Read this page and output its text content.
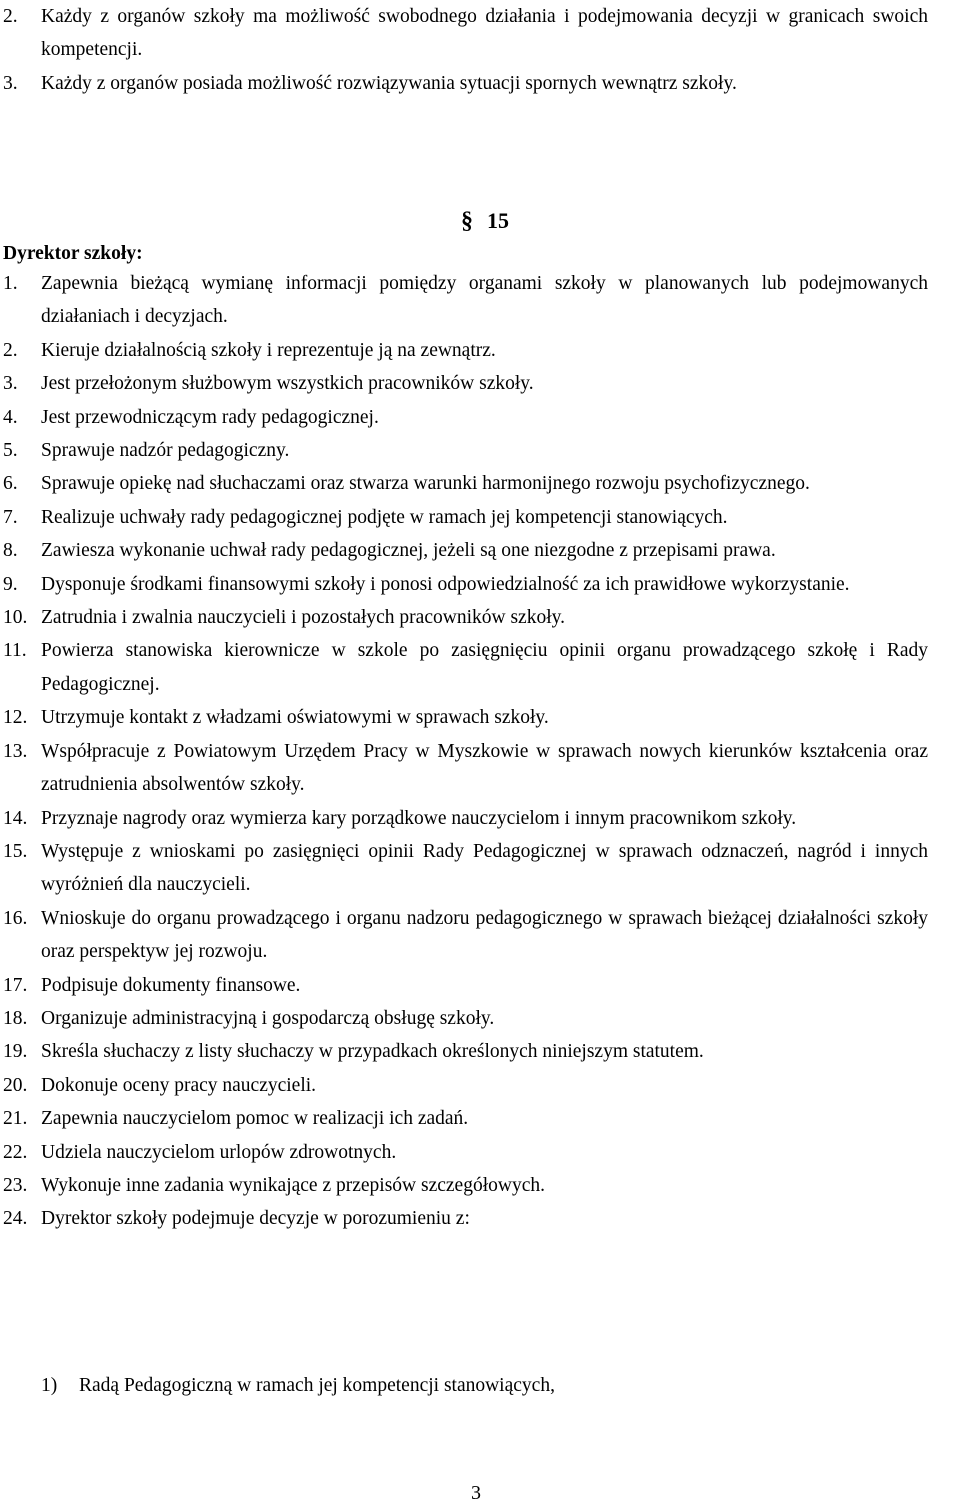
2.	Każdy z organów szkoły ma możliwość swobodnego działania i podejmowania decyzji w granicach swoich kompetencji.
3.	Każdy z organów posiada możliwość rozwiązywania sytuacji spornych wewnątrz szkoły.
§ 15
Dyrektor szkoły:
1.	Zapewnia bieżącą wymianę informacji pomiędzy organami szkoły w planowanych lub podejmowanych działaniach i decyzjach.
2.	Kieruje działalnością szkoły i reprezentuje ją na zewnątrz.
3.	Jest przełożonym służbowym wszystkich pracowników szkoły.
4.	Jest przewodniczącym rady pedagogicznej.
5.	Sprawuje nadzór pedagogiczny.
6.	Sprawuje opiekę nad słuchaczami oraz stwarza warunki harmonijnego rozwoju psychofizycznego.
7.	Realizuje uchwały rady pedagogicznej podjęte w ramach jej kompetencji stanowiących.
8.	Zawiesza wykonanie uchwał rady pedagogicznej, jeżeli są one niezgodne z przepisami prawa.
9.	Dysponuje środkami finansowymi szkoły i ponosi odpowiedzialność za ich prawidłowe wykorzystanie.
10. Zatrudnia i zwalnia nauczycieli i pozostałych pracowników szkoły.
11. Powierza stanowiska kierownicze w szkole po zasięgnięciu opinii organu prowadzącego szkołę i Rady Pedagogicznej.
12. Utrzymuje kontakt z władzami oświatowymi w sprawach szkoły.
13. Współpracuje z Powiatowym Urzędem Pracy w Myszkowie w sprawach nowych kierunków kształcenia oraz zatrudnienia absolwentów szkoły.
14. Przyznaje nagrody oraz wymierza kary porządkowe nauczycielom i innym pracownikom szkoły.
15. Występuje z wnioskami po zasięgnięci opinii Rady Pedagogicznej w sprawach odznaczeń, nagród i innych wyróżnień dla nauczycieli.
16. Wnioskuje do organu prowadzącego i organu nadzoru pedagogicznego w sprawach bieżącej działalności szkoły oraz perspektyw jej rozwoju.
17. Podpisuje dokumenty finansowe.
18. Organizuje administracyjną i gospodarczą obsługę szkoły.
19. Skreśla słuchaczy z listy słuchaczy w przypadkach określonych niniejszym statutem.
20. Dokonuje oceny pracy nauczycieli.
21. Zapewnia nauczycielom pomoc w realizacji ich zadań.
22. Udziela nauczycielom urlopów zdrowotnych.
23. Wykonuje inne zadania wynikające z przepisów szczegółowych.
24. Dyrektor szkoły podejmuje decyzje w porozumieniu z:
1)	Radą Pedagogiczną w ramach jej kompetencji stanowiących,
3
